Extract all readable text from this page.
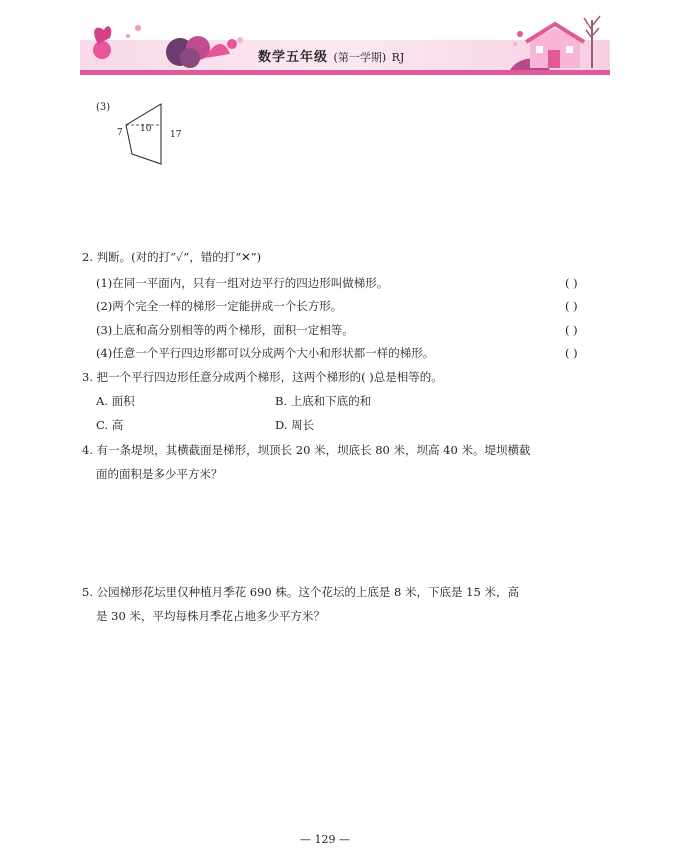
数学五年级 (第一学期) RJ
(3)
10
7	17
2. 判断。(对的打“✓”，错的打“✕”)
(1)在同一平面内，只有一组对边平行的四边形叫做梯形。	( )
(2)两个完全一样的梯形一定能拼成一个长方形。	( )
(3)上底和高分别相等的两个梯形，面积一定相等。	( )
(4)任意一个平行四边形都可以分成两个大小和形状都一样的梯形。	( )
3. 把一个平行四边形任意分成两个梯形，这两个梯形的( )总是相等的。
A. 面积	B. 上底和下底的和
C. 高	D. 周长
4. 有一条堤坝，其横截面是梯形，坝顶长 20 米，坝底长 80 米，坝高 40 米。堤坝横截
面的面积是多少平方米？
5. 公园梯形花坛里仅种植月季花 690 株。这个花坛的上底是 8 米，下底是 15 米，高
是 30 米，平均每株月季花占地多少平方米？
— 129 —
